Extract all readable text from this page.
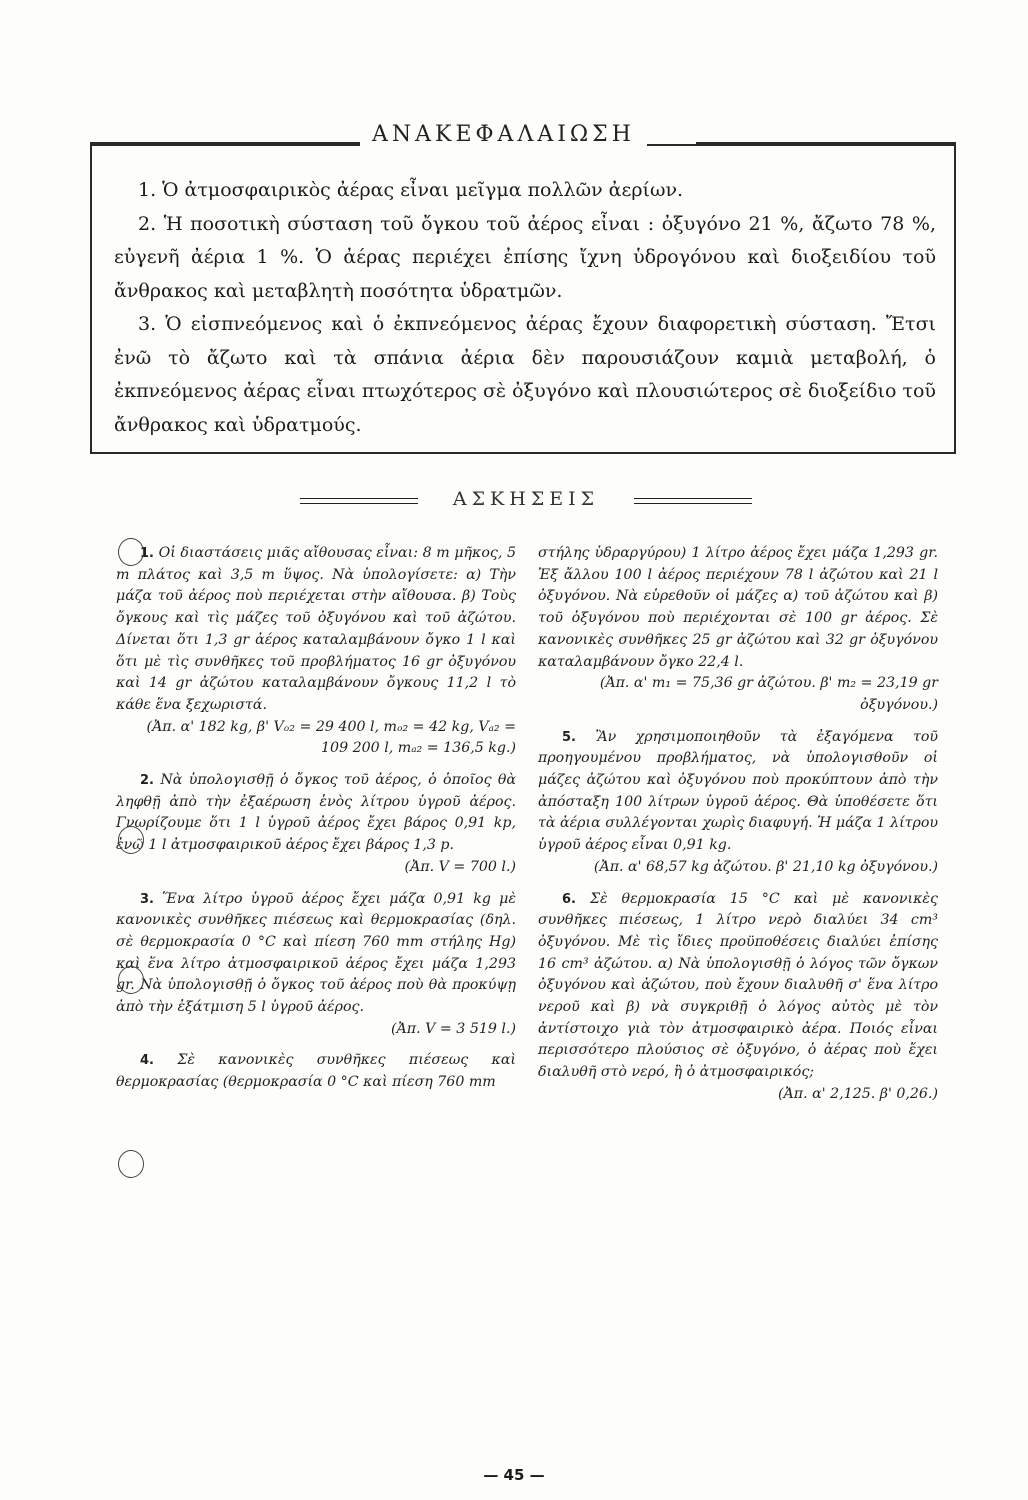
ΑΝΑΚΕΦΑΛΑΙΩΣΗ

1. Ὁ ἀτμοσφαιρικὸς ἀέρας εἶναι μεῖγμα πολλῶν ἀερίων.

2. Ἡ ποσοτικὴ σύσταση τοῦ ὄγκου τοῦ ἀέρος εἶναι : ὀξυγόνο 21 %, ἄζωτο 78 %, εὐγενῆ ἀέρια 1 %. Ὁ ἀέρας περιέχει ἐπίσης ἴχνη ὑδρογόνου καὶ διοξειδίου τοῦ ἄνθρακος καὶ μεταβλητὴ ποσότητα ὑδρατμῶν.

3. Ὁ εἰσπνεόμενος καὶ ὁ ἐκπνεόμενος ἀέρας ἔχουν διαφορετικὴ σύσταση. Ἔτσι ἐνῶ τὸ ἄζωτο καὶ τὰ σπάνια ἀέρια δὲν παρουσιάζουν καμιὰ μεταβολή, ὁ ἐκπνεόμενος ἀέρας εἶναι πτωχότερος σὲ ὀξυγόνο καὶ πλουσιώτερος σὲ διοξείδιο τοῦ ἄνθρακος καὶ ὑδρατμούς.

ΑΣΚΗΣΕΙΣ

1. Οἱ διαστάσεις μιᾶς αἴθουσας εἶναι: 8 m μῆκος, 5 m πλάτος καὶ 3,5 m ὕψος. Νὰ ὑπολογίσετε: α) Τὴν μάζα τοῦ ἀέρος ποὺ περιέχεται στὴν αἴθουσα. β) Τοὺς ὄγκους καὶ τὶς μάζες τοῦ ὀξυγόνου καὶ τοῦ ἀζώτου. Δίνεται ὅτι 1,3 gr ἀέρος καταλαμβάνουν ὄγκο 1 l καὶ ὅτι μὲ τὶς συνθῆκες τοῦ προβλήματος 16 gr ὀξυγόνου καὶ 14 gr ἀζώτου καταλαμβάνουν ὄγκους 11,2 l τὸ κάθε ἕνα ξεχωριστά.

(Ἀπ. α' 182 kg, β' Vₒ₂ = 29 400 l, mₒ₂ = 42 kg, Vₐ₂ = 109 200 l, mₐ₂ = 136,5 kg.)

2. Νὰ ὑπολογισθῇ ὁ ὄγκος τοῦ ἀέρος, ὁ ὁποῖος θὰ ληφθῇ ἀπὸ τὴν ἐξαέρωση ἑνὸς λίτρου ὑγροῦ ἀέρος. Γνωρίζουμε ὅτι 1 l ὑγροῦ ἀέρος ἔχει βάρος 0,91 kp, ἐνῶ 1 l ἀτμοσφαιρικοῦ ἀέρος ἔχει βάρος 1,3 p.

(Ἀπ. V = 700 l.)

3. Ἕνα λίτρο ὑγροῦ ἀέρος ἔχει μάζα 0,91 kg μὲ κανονικὲς συνθῆκες πιέσεως καὶ θερμοκρασίας (δηλ. σὲ θερμοκρασία 0 °C καὶ πίεση 760 mm στήλης Hg) καὶ ἕνα λίτρο ἀτμοσφαιρικοῦ ἀέρος ἔχει μάζα 1,293 gr. Νὰ ὑπολογισθῇ ὁ ὄγκος τοῦ ἀέρος ποὺ θὰ προκύψῃ ἀπὸ τὴν ἐξάτμιση 5 l ὑγροῦ ἀέρος.

(Ἀπ. V = 3 519 l.)

4. Σὲ κανονικὲς συνθῆκες πιέσεως καὶ θερμοκρασίας (θερμοκρασία 0 °C καὶ πίεση 760 mm

στήλης ὑδραργύρου) 1 λίτρο ἀέρος ἔχει μάζα 1,293 gr. Ἐξ ἄλλου 100 l ἀέρος περιέχουν 78 l ἀζώτου καὶ 21 l ὀξυγόνου. Νὰ εὑρεθοῦν οἱ μάζες α) τοῦ ἀζώτου καὶ β) τοῦ ὀξυγόνου ποὺ περιέχονται σὲ 100 gr ἀέρος. Σὲ κανονικὲς συνθῆκες 25 gr ἀζώτου καὶ 32 gr ὀξυγόνου καταλαμβάνουν ὄγκο 22,4 l.

(Ἀπ. α' m₁ = 75,36 gr ἀζώτου. β' m₂ = 23,19 gr ὀξυγόνου.)

5. Ἂν χρησιμοποιηθοῦν τὰ ἐξαγόμενα τοῦ προηγουμένου προβλήματος, νὰ ὑπολογισθοῦν οἱ μάζες ἀζώτου καὶ ὀξυγόνου ποὺ προκύπτουν ἀπὸ τὴν ἀπόσταξη 100 λίτρων ὑγροῦ ἀέρος. Θὰ ὑποθέσετε ὅτι τὰ ἀέρια συλλέγονται χωρὶς διαφυγή. Ἡ μάζα 1 λίτρου ὑγροῦ ἀέρος εἶναι 0,91 kg.

(Ἀπ. α' 68,57 kg ἀζώτου. β' 21,10 kg ὀξυγόνου.)

6. Σὲ θερμοκρασία 15 °C καὶ μὲ κανονικὲς συνθῆκες πιέσεως, 1 λίτρο νερὸ διαλύει 34 cm³ ὀξυγόνου. Μὲ τὶς ἴδιες προϋποθέσεις διαλύει ἐπίσης 16 cm³ ἀζώτου. α) Νὰ ὑπολογισθῇ ὁ λόγος τῶν ὄγκων ὀξυγόνου καὶ ἀζώτου, ποὺ ἔχουν διαλυθῆ σ' ἕνα λίτρο νεροῦ καὶ β) νὰ συγκριθῇ ὁ λόγος αὐτὸς μὲ τὸν ἀντίστοιχο γιὰ τὸν ἀτμοσφαιρικὸ ἀέρα. Ποιός εἶναι περισσότερο πλούσιος σὲ ὀξυγόνο, ὁ ἀέρας ποὺ ἔχει διαλυθῆ στὸ νερό, ἢ ὁ ἀτμοσφαιρικός;

(Ἀπ. α' 2,125. β' 0,26.)

— 45 —
